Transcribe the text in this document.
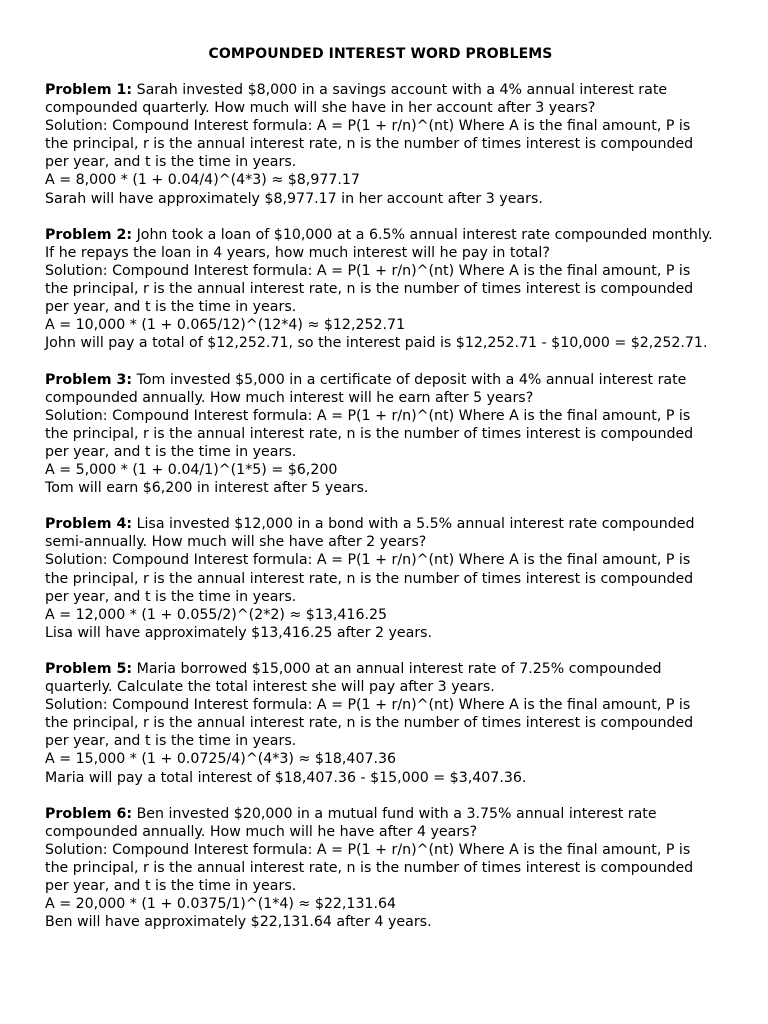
COMPOUNDED INTEREST WORD PROBLEMS

Problem 1: Sarah invested $8,000 in a savings account with a 4% annual interest rate compounded quarterly. How much will she have in her account after 3 years?

Solution: Compound Interest formula: A = P(1 + r/n)^(nt) Where A is the final amount, P is the principal, r is the annual interest rate, n is the number of times interest is compounded per year, and t is the time in years.

A = 8,000 * (1 + 0.04/4)^(4*3) ≈ $8,977.17

Sarah will have approximately $8,977.17 in her account after 3 years.

Problem 2: John took a loan of $10,000 at a 6.5% annual interest rate compounded monthly. If he repays the loan in 4 years, how much interest will he pay in total?

Solution: Compound Interest formula: A = P(1 + r/n)^(nt) Where A is the final amount, P is the principal, r is the annual interest rate, n is the number of times interest is compounded per year, and t is the time in years.

A = 10,000 * (1 + 0.065/12)^(12*4) ≈ $12,252.71

John will pay a total of $12,252.71, so the interest paid is $12,252.71 - $10,000 = $2,252.71.

Problem 3: Tom invested $5,000 in a certificate of deposit with a 4% annual interest rate compounded annually. How much interest will he earn after 5 years?

Solution: Compound Interest formula: A = P(1 + r/n)^(nt) Where A is the final amount, P is the principal, r is the annual interest rate, n is the number of times interest is compounded per year, and t is the time in years.

A = 5,000 * (1 + 0.04/1)^(1*5) = $6,200

Tom will earn $6,200 in interest after 5 years.

Problem 4: Lisa invested $12,000 in a bond with a 5.5% annual interest rate compounded semi-annually. How much will she have after 2 years?

Solution: Compound Interest formula: A = P(1 + r/n)^(nt) Where A is the final amount, P is the principal, r is the annual interest rate, n is the number of times interest is compounded per year, and t is the time in years.

A = 12,000 * (1 + 0.055/2)^(2*2) ≈ $13,416.25

Lisa will have approximately $13,416.25 after 2 years.

Problem 5: Maria borrowed $15,000 at an annual interest rate of 7.25% compounded quarterly. Calculate the total interest she will pay after 3 years.

Solution: Compound Interest formula: A = P(1 + r/n)^(nt) Where A is the final amount, P is the principal, r is the annual interest rate, n is the number of times interest is compounded per year, and t is the time in years.

A = 15,000 * (1 + 0.0725/4)^(4*3) ≈ $18,407.36

Maria will pay a total interest of $18,407.36 - $15,000 = $3,407.36.

Problem 6: Ben invested $20,000 in a mutual fund with a 3.75% annual interest rate compounded annually. How much will he have after 4 years?

Solution: Compound Interest formula: A = P(1 + r/n)^(nt) Where A is the final amount, P is the principal, r is the annual interest rate, n is the number of times interest is compounded per year, and t is the time in years.

A = 20,000 * (1 + 0.0375/1)^(1*4) ≈ $22,131.64

Ben will have approximately $22,131.64 after 4 years.
